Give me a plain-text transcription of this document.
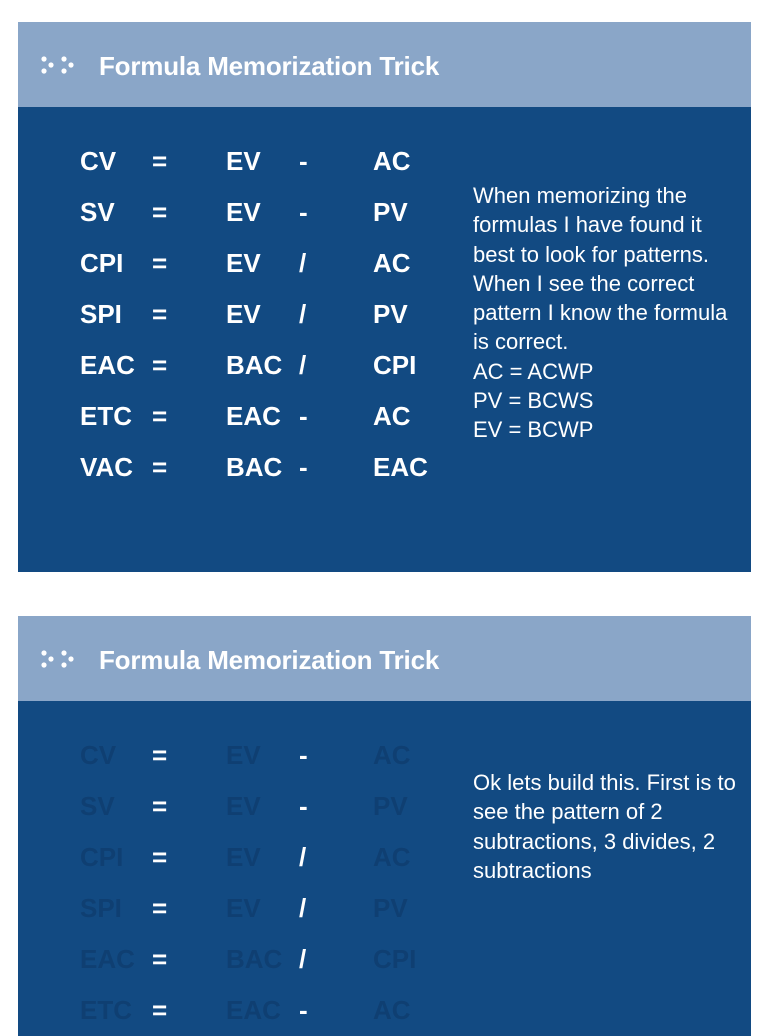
Formula Memorization Trick
CV = EV -	AC
SV = EV -	PV
CPI = EV /	AC
SPI = EV /	PV
EAC = BAC /	CPI
ETC = EAC -	AC
VAC = BAC -	EAC

When memorizing the formulas I have found it best to look for patterns. When I see the correct pattern I know the formula is correct.

AC = ACWP

PV = BCWS

EV = BCWP

Formula Memorization Trick
CV = EV -	AC
SV = EV -	PV
CPI = EV /	AC
SPI = EV /	PV
EAC = BAC /	CPI
ETC = EAC -	AC

Ok lets build this. First is to see the pattern of 2 subtractions, 3 divides, 2 subtractions
